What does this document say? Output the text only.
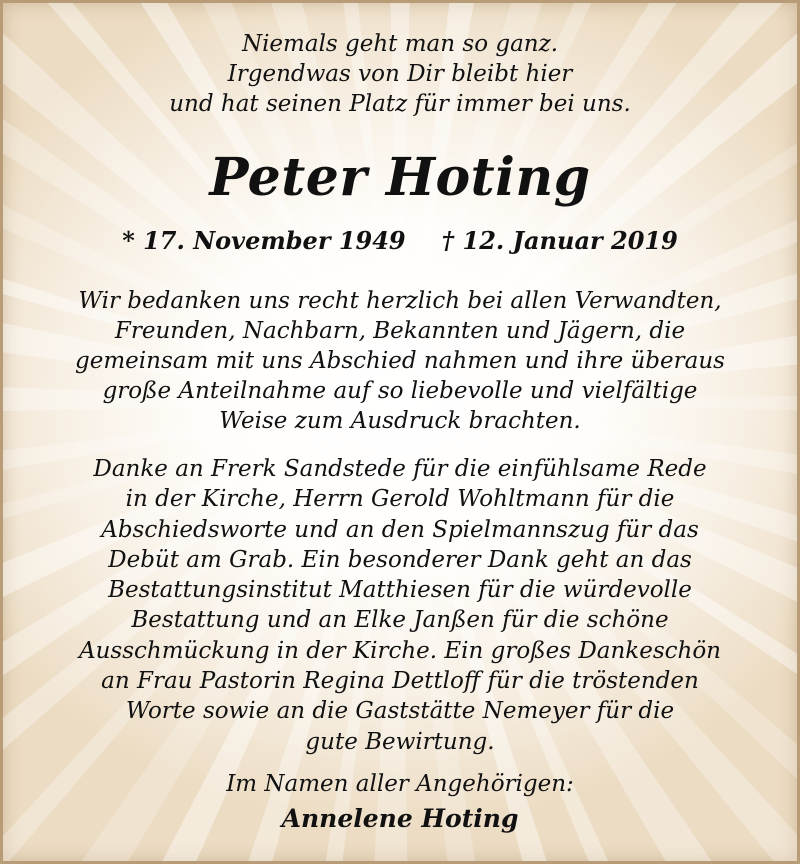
Niemals geht man so ganz.
Irgendwas von Dir bleibt hier
und hat seinen Platz für immer bei uns.
Peter Hoting
* 17. November 1949 † 12. Januar 2019
Wir bedanken uns recht herzlich bei allen Verwandten,
Freunden, Nachbarn, Bekannten und Jägern, die
gemeinsam mit uns Abschied nahmen und ihre überaus
große Anteilnahme auf so liebevolle und vielfältige
Weise zum Ausdruck brachten.
Danke an Frerk Sandstede für die einfühlsame Rede
in der Kirche, Herrn Gerold Wohltmann für die
Abschiedsworte und an den Spielmannszug für das
Debüt am Grab. Ein besonderer Dank geht an das
Bestattungsinstitut Matthiesen für die würdevolle
Bestattung und an Elke Janßen für die schöne
Ausschmückung in der Kirche. Ein großes Dankeschön
an Frau Pastorin Regina Dettloff für die tröstenden
Worte sowie an die Gaststätte Nemeyer für die
gute Bewirtung.
Im Namen aller Angehörigen:
Annelene Hoting
